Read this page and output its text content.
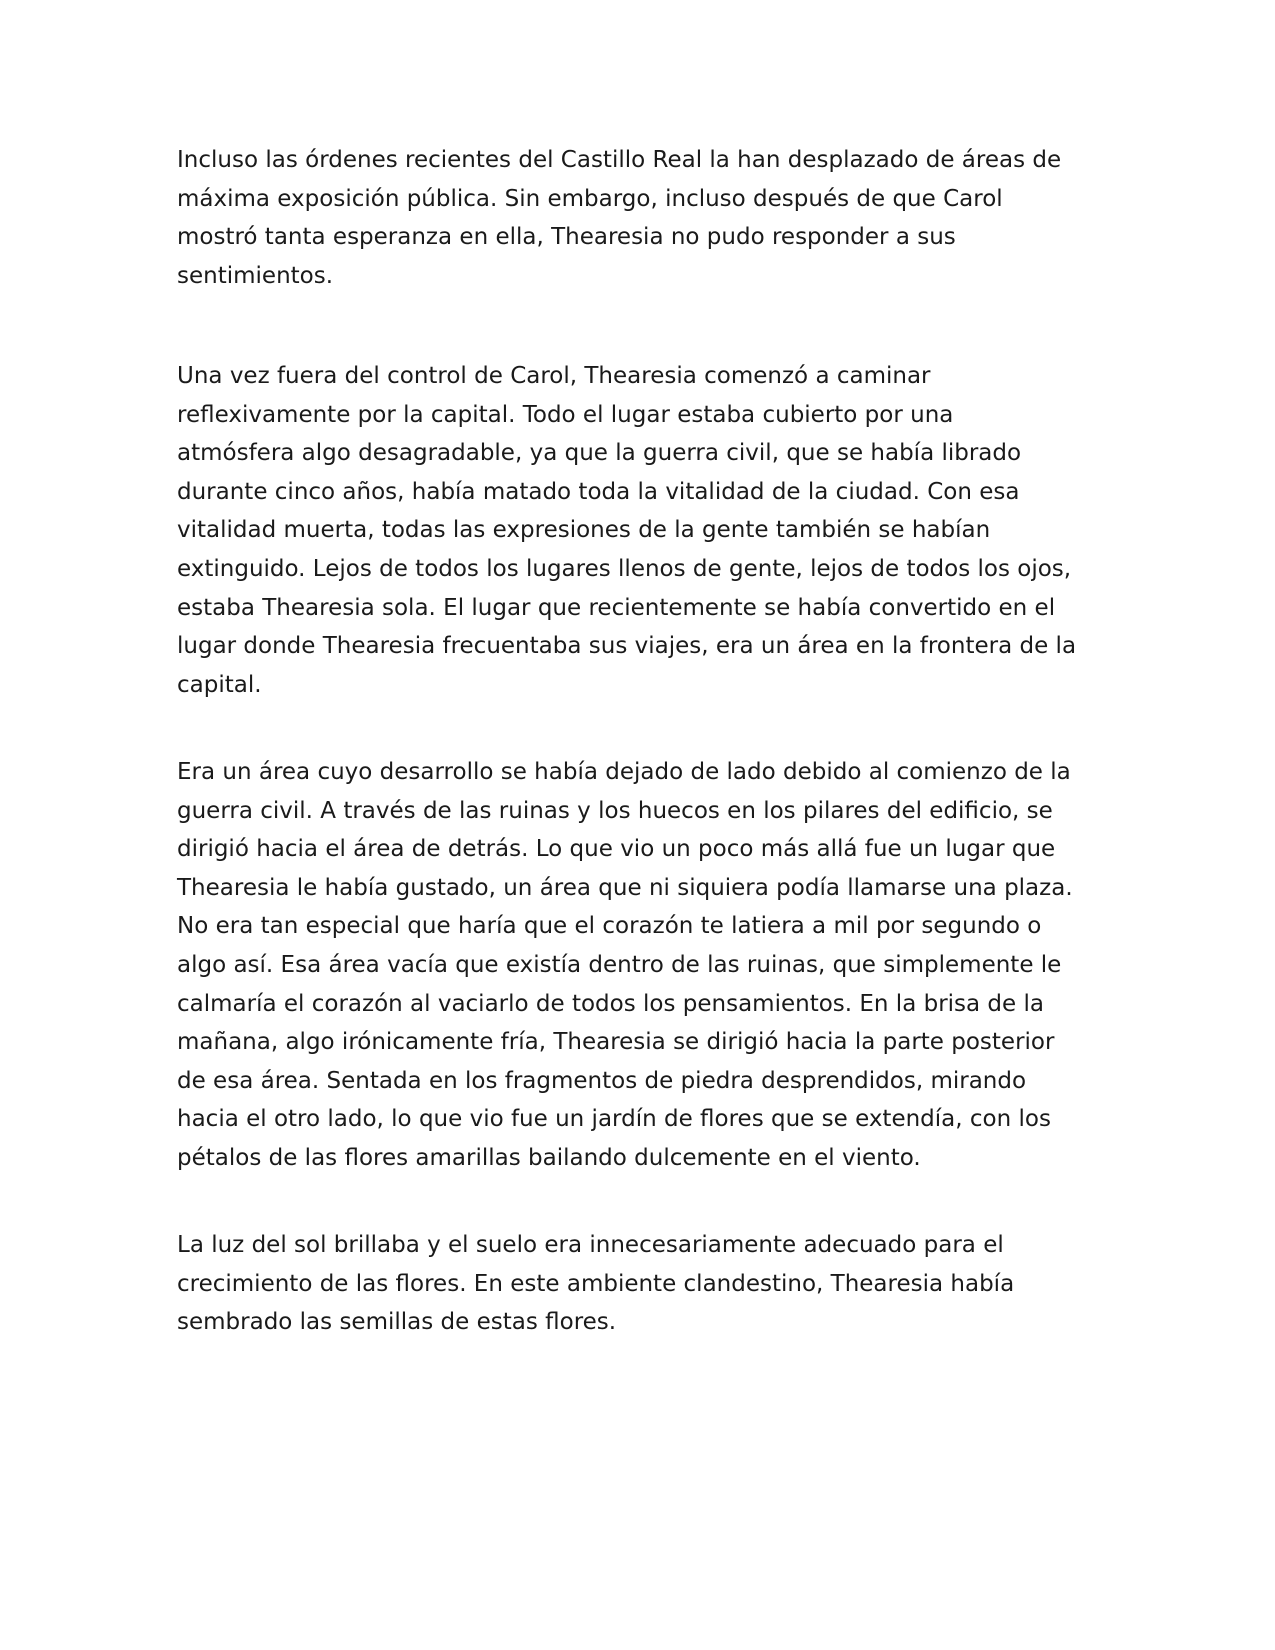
Incluso las órdenes recientes del Castillo Real la han desplazado de áreas de
máxima exposición pública. Sin embargo, incluso después de que Carol
mostró tanta esperanza en ella, Thearesia no pudo responder a sus
sentimientos.

Una vez fuera del control de Carol, Thearesia comenzó a caminar
reflexivamente por la capital. Todo el lugar estaba cubierto por una
atmósfera algo desagradable, ya que la guerra civil, que se había librado
durante cinco años, había matado toda la vitalidad de la ciudad. Con esa
vitalidad muerta, todas las expresiones de la gente también se habían
extinguido. Lejos de todos los lugares llenos de gente, lejos de todos los ojos,
estaba Thearesia sola. El lugar que recientemente se había convertido en el
lugar donde Thearesia frecuentaba sus viajes, era un área en la frontera de la
capital.

Era un área cuyo desarrollo se había dejado de lado debido al comienzo de la
guerra civil. A través de las ruinas y los huecos en los pilares del edificio, se
dirigió hacia el área de detrás. Lo que vio un poco más allá fue un lugar que
Thearesia le había gustado, un área que ni siquiera podía llamarse una plaza.
No era tan especial que haría que el corazón te latiera a mil por segundo o
algo así. Esa área vacía que existía dentro de las ruinas, que simplemente le
calmaría el corazón al vaciarlo de todos los pensamientos. En la brisa de la
mañana, algo irónicamente fría, Thearesia se dirigió hacia la parte posterior
de esa área. Sentada en los fragmentos de piedra desprendidos, mirando
hacia el otro lado, lo que vio fue un jardín de flores que se extendía, con los
pétalos de las flores amarillas bailando dulcemente en el viento.

La luz del sol brillaba y el suelo era innecesariamente adecuado para el
crecimiento de las flores. En este ambiente clandestino, Thearesia había
sembrado las semillas de estas flores.
